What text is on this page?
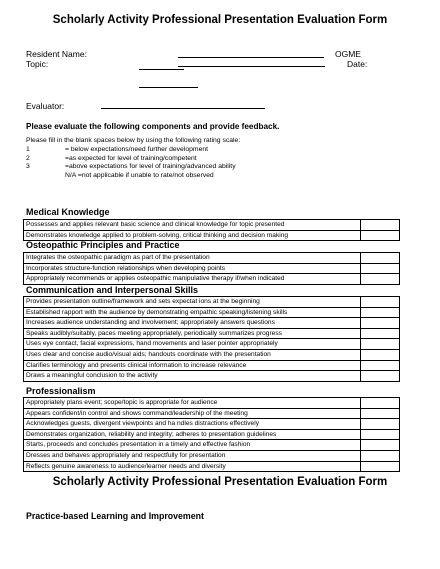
Scholarly Activity Professional Presentation Evaluation Form
Resident Name:	OGME
Topic:	Date:
Evaluator:
Please evaluate the following components and provide feedback.
Please fill in the blank spaces below by using the following rating scale:
1	= below expectations/need further development
2	=as expected for level of training/competent
3	=above expectations for level of training/advanced ability
N/A =not applicable if unable to rate/not observed
Medical Knowledge
Possesses and applies relevant basic science and clinical knowledge for topic presented	
Demonstrates knowledge applied to problem-solving, critical thinking and decision making	
Osteopathic Principles and Practice
Integrates the osteopathic paradigm as part of the presentation	
Incorporates structure-function relationships when developing points	
Appropriately recommends or applies osteopathic manipulative therapy if/when indicated	
Communication and Interpersonal Skills
Provides presentation outline/framework and sets expectat ions at the beginning	
Established rapport with the audience by demonstrating empathic speaking/listening skills	
Increases audience understanding and involvement; appropriately answers questions	
Speaks audibly/suitably, paces meeting appropriately, periodically summarizes progress	
Uses eye contact, facial expressions, hand movements and laser pointer appropriately	
Uses clear and concise audio/visual aids; handouts coordinate with the presentation	
Clarifies terminology and presents clinical information to increase relevance	
Draws a meaningful conclusion to the activity	
Professionalism
Appropriately plans event; scope/topic is appropriate for audience	
Appears confident/in control and shows command/leadership of the meeting	
Acknowledges guests, divergent viewpoints and ha ndles distractions effectively	
Demonstrates organization, reliability and integrity; adheres to presentation guidelines	
Starts, proceeds and concludes presentation in a timely and effective fashion	
Dresses and behaves appropriately and respectfully for presentation	
Reflects genuine awareness to audience/learner needs and diversity	
Scholarly Activity Professional Presentation Evaluation Form
Practice-based Learning and Improvement
